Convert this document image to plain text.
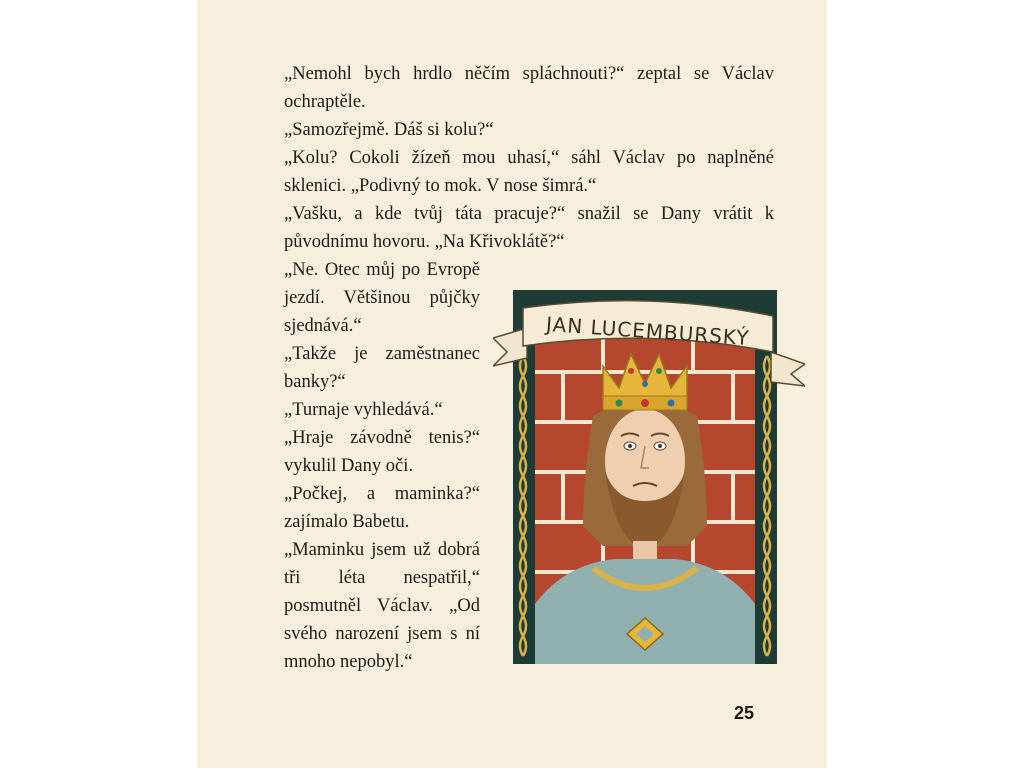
„Nemohl bych hrdlo něčím spláchnouti?“ zeptal se Václav ochraptěle.

„Samozřejmě. Dáš si kolu?“

„Kolu? Cokoli žízeň mou uhasí,“ sáhl Václav po naplněné sklenici. „Podivný to mok. V nose šimrá.“

„Vašku, a kde tvůj táta pracuje?“ snažil se Dany vrátit k původnímu hovoru. „Na Křivoklátě?“

„Ne. Otec můj po Evropě jezdí. Většinou půjčky sjednává.“

„Takže je zaměstnanec banky?“

„Turnaje vyhledává.“

„Hraje závodně tenis?“ vykulil Dany oči.

„Počkej, a maminka?“ zajímalo Babetu.

„Maminku jsem už dobrá tři léta nespatřil,“ posmutněl Václav. „Od svého narození jsem s ní mnoho nepobyl.“

JAN LUCEMBURSKÝ
25
